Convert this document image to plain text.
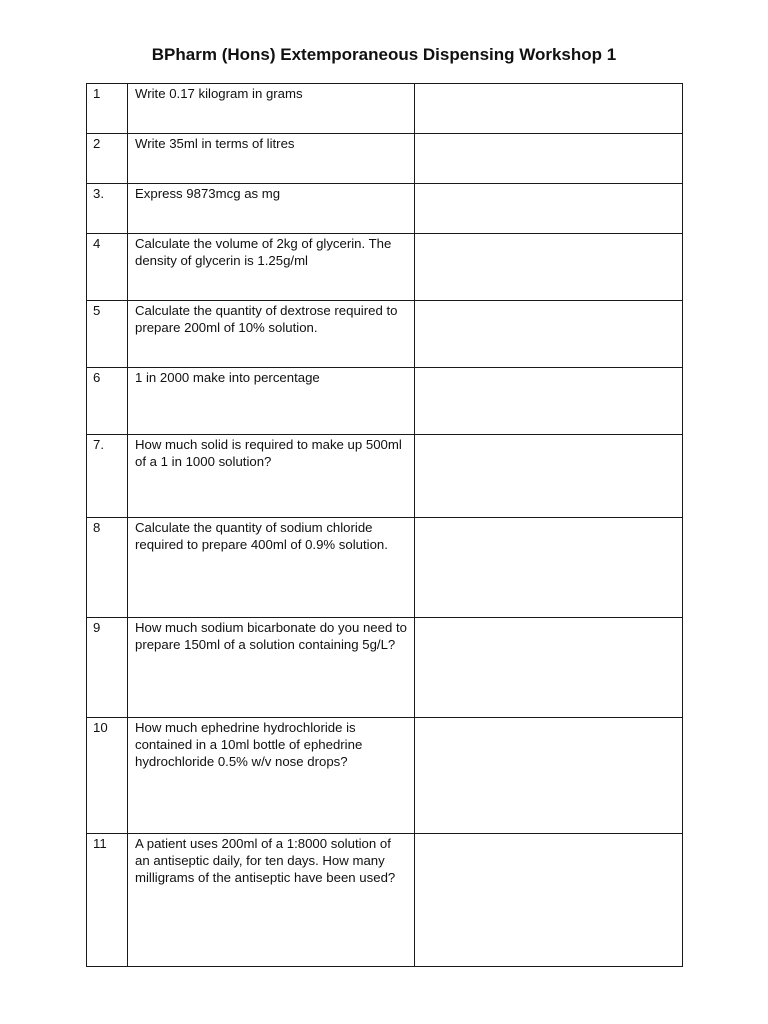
BPharm (Hons) Extemporaneous Dispensing Workshop 1
1	Write 0.17 kilogram in grams	
2	Write 35ml in terms of litres	
3.	Express 9873mcg as mg	
4	Calculate the volume of 2kg of glycerin. The density of glycerin is 1.25g/ml	
5	Calculate the quantity of dextrose required to prepare 200ml of 10% solution.	
6	1 in 2000 make into percentage	
7.	How much solid is required to make up 500ml of a 1 in 1000 solution?	
8	Calculate the quantity of sodium chloride required to prepare 400ml of 0.9% solution.	
9	How much sodium bicarbonate do you need to prepare 150ml of a solution containing 5g/L?	
10	How much ephedrine hydrochloride is contained in a 10ml bottle of ephedrine hydrochloride 0.5% w/v nose drops?	
11	A patient uses 200ml of a 1:8000 solution of an antiseptic daily, for ten days. How many milligrams of the antiseptic have been used?	
